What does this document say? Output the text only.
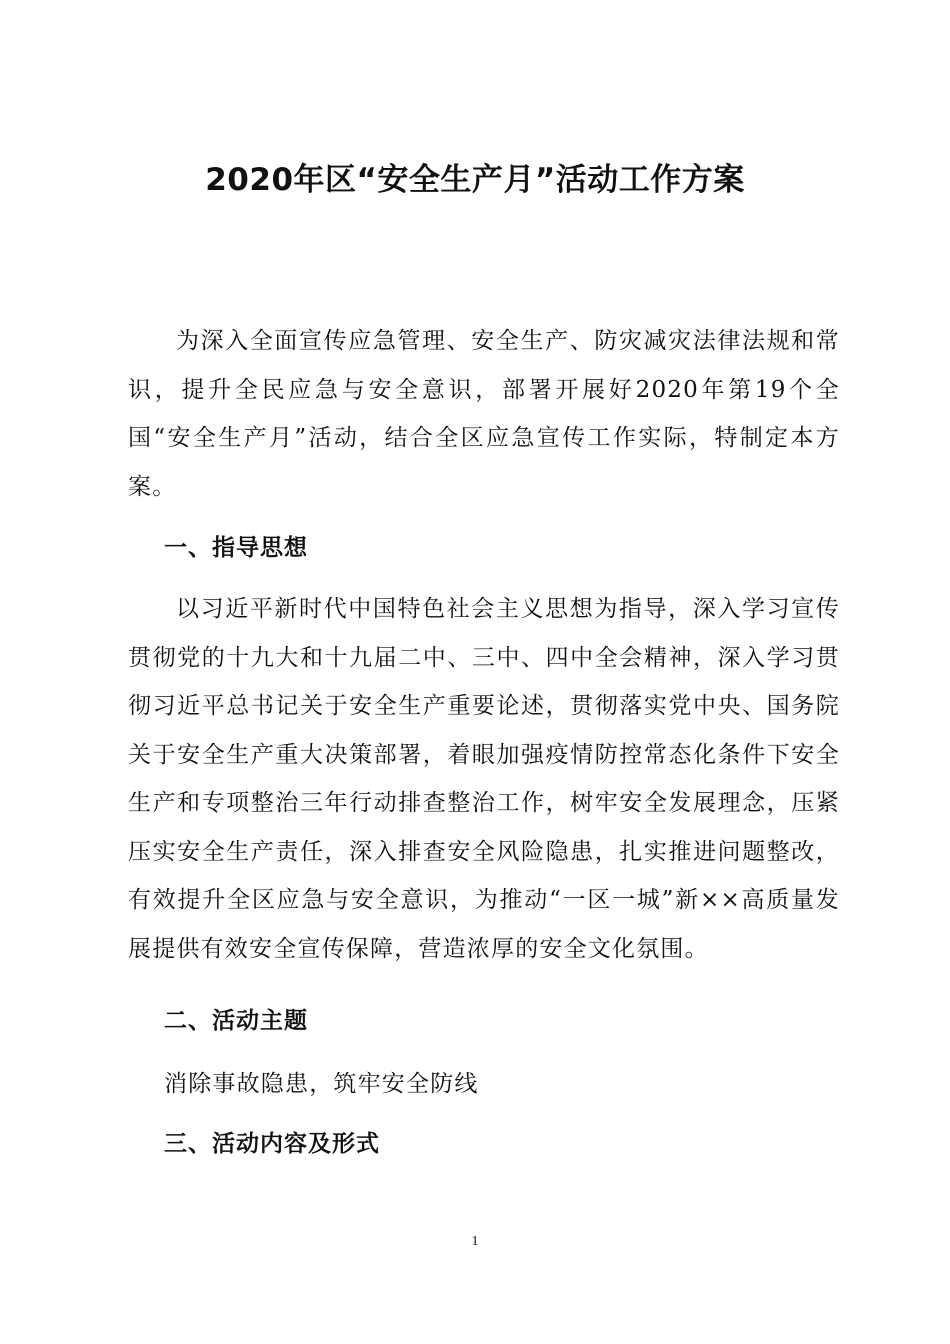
2020年区“安全生产月”活动工作方案

为深入全面宣传应急管理、安全生产、防灾减灾法律法规和常识，提升全民应急与安全意识，部署开展好2020年第19个全国“安全生产月”活动，结合全区应急宣传工作实际，特制定本方案。

一、指导思想

以习近平新时代中国特色社会主义思想为指导，深入学习宣传贯彻党的十九大和十九届二中、三中、四中全会精神，深入学习贯彻习近平总书记关于安全生产重要论述，贯彻落实党中央、国务院关于安全生产重大决策部署，着眼加强疫情防控常态化条件下安全生产和专项整治三年行动排查整治工作，树牢安全发展理念，压紧压实安全生产责任，深入排查安全风险隐患，扎实推进问题整改，有效提升全区应急与安全意识，为推动“一区一城”新××高质量发展提供有效安全宣传保障，营造浓厚的安全文化氛围。

二、活动主题

消除事故隐患，筑牢安全防线

三、活动内容及形式
1
